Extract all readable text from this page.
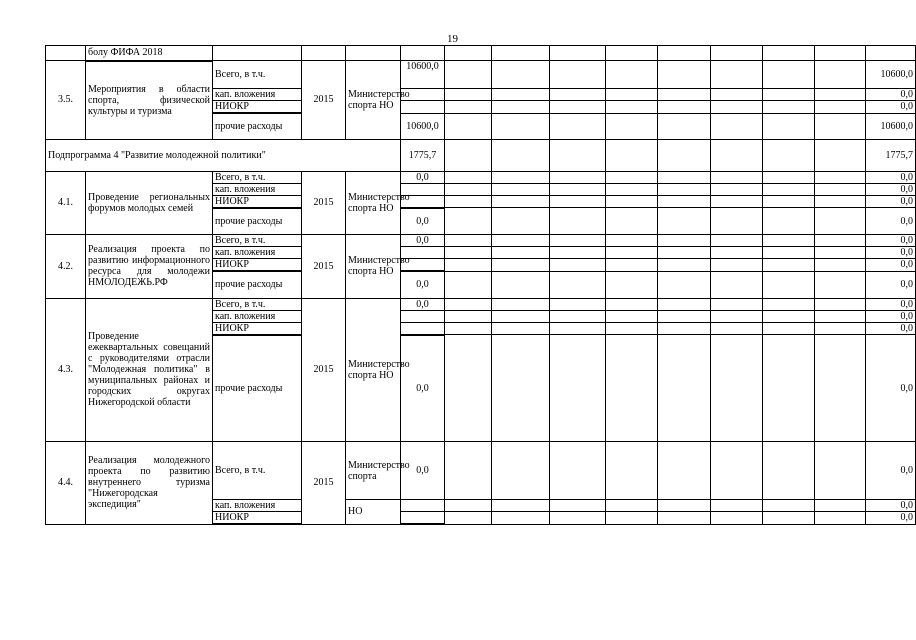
19
	болу ФИФА 2018													
3.5.	Мероприятия в области спорта, физической культуры и туризма	Всего, в т.ч.	2015	Министерство спорта НО	10600,0									10600,0
		кап. вложения												0,0
		НИОКР												0,0
		прочие расходы			10600,0									10600,0
Подпрограмма 4 "Развитие молодежной политики"					1775,7									1775,7
4.1.	Проведение региональных форумов молодых семей	Всего, в т.ч.	2015	Министерство спорта НО	0,0									0,0
		кап. вложения												0,0
		НИОКР												0,0
		прочие расходы			0,0									0,0
4.2.	Реализация проекта по развитию информационного ресурса для молодежи НМОЛОДЕЖЬ.РФ	Всего, в т.ч.	2015	Министерство спорта НО	0,0									0,0
		кап. вложения												0,0
		НИОКР												0,0
		прочие расходы			0,0									0,0
4.3.	Проведение ежеквартальных совещаний с руководителями отрасли "Молодежная политика" в муниципальных районах и городских округах Нижегородской области	Всего, в т.ч.	2015	Министерство спорта НО	0,0									0,0
		кап. вложения												0,0
		НИОКР												0,0
		прочие расходы			0,0									0,0
4.4.	Реализация молодежного проекта по развитию внутреннего туризма "Нижегородская экспедиция"	Всего, в т.ч.	2015	Министерство спорта	0,0									0,0
		кап. вложения		НО										0,0
		НИОКР												0,0
